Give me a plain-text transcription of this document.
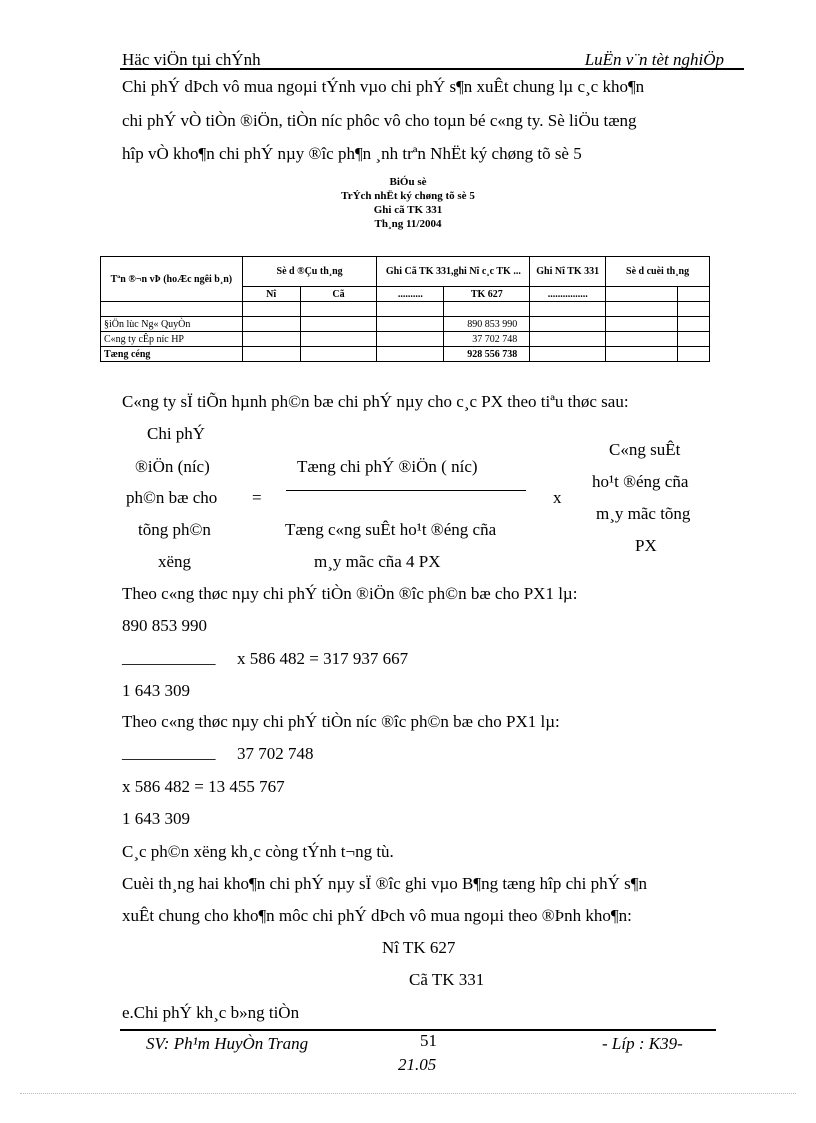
Häc viÖn tµi chÝnh	LuËn v¨n tèt nghiÖp
Chi phÝ dÞch vô mua ngoµi tÝnh vµo chi phÝ s¶n xuÊt chung lµ c¸c kho¶n
chi phÝ vÒ tiÒn ®iÖn, tiÒn níc phôc vô cho toµn bé c«ng ty. Sè liÖu tæng
hîp vÒ kho¶n chi phÝ nµy ®îc ph¶n ¸nh trªn NhËt ký chøng tõ sè 5
BiÓu sè
TrÝch nhËt ký chøng tõ sè 5
Ghi cã TK 331
Th¸ng 11/2004
Tªn ®¬n vÞ (hoÆc ngêi b¸n)	Sè d ®Çu th¸ng		Ghi Cã TK 331,ghi Nî c¸c TK ...		Ghi Nî TK 331	Sè d cuèi th¸ng	
	Nî	Cã	..........	TK 627	................		

§iÖn lùc Ng« QuyÒn				890 853 990			
C«ng ty cÊp níc HP				37 702 748			
Tæng céng				928 556 738			
C«ng ty sÏ tiÕn hµnh ph©n bæ chi phÝ nµy cho c¸c PX theo tiªu thøc sau:
Chi phÝ
®iÖn (níc)
ph©n bæ cho
tõng ph©n
xëng
=
Tæng chi phÝ ®iÖn ( níc)
Tæng c«ng suÊt ho¹t ®éng cña
m¸y mãc cña 4 PX
x
C«ng suÊt
ho¹t ®éng cña
m¸y mãc tõng
PX
Theo c«ng thøc nµy chi phÝ tiÒn ®iÖn ®îc ph©n bæ cho PX1 lµ:
890 853 990
___________ x 586 482 = 317 937 667
1 643 309
Theo c«ng thøc nµy chi phÝ tiÒn níc ®îc ph©n bæ cho PX1 lµ:
___________ 37 702 748
x 586 482 = 13 455 767
1 643 309
C¸c ph©n xëng kh¸c còng tÝnh t¬ng tù.
Cuèi th¸ng hai kho¶n chi phÝ nµy sÏ ®îc ghi vµo B¶ng tæng hîp chi phÝ s¶n
xuÊt chung cho kho¶n môc chi phÝ dÞch vô mua ngoµi theo ®Þnh kho¶n:
Nî TK 627
Cã TK 331
e.Chi phÝ kh¸c b»ng tiÒn
SV: Ph¹m HuyÒn Trang	51	- Líp : K39-
21.05
